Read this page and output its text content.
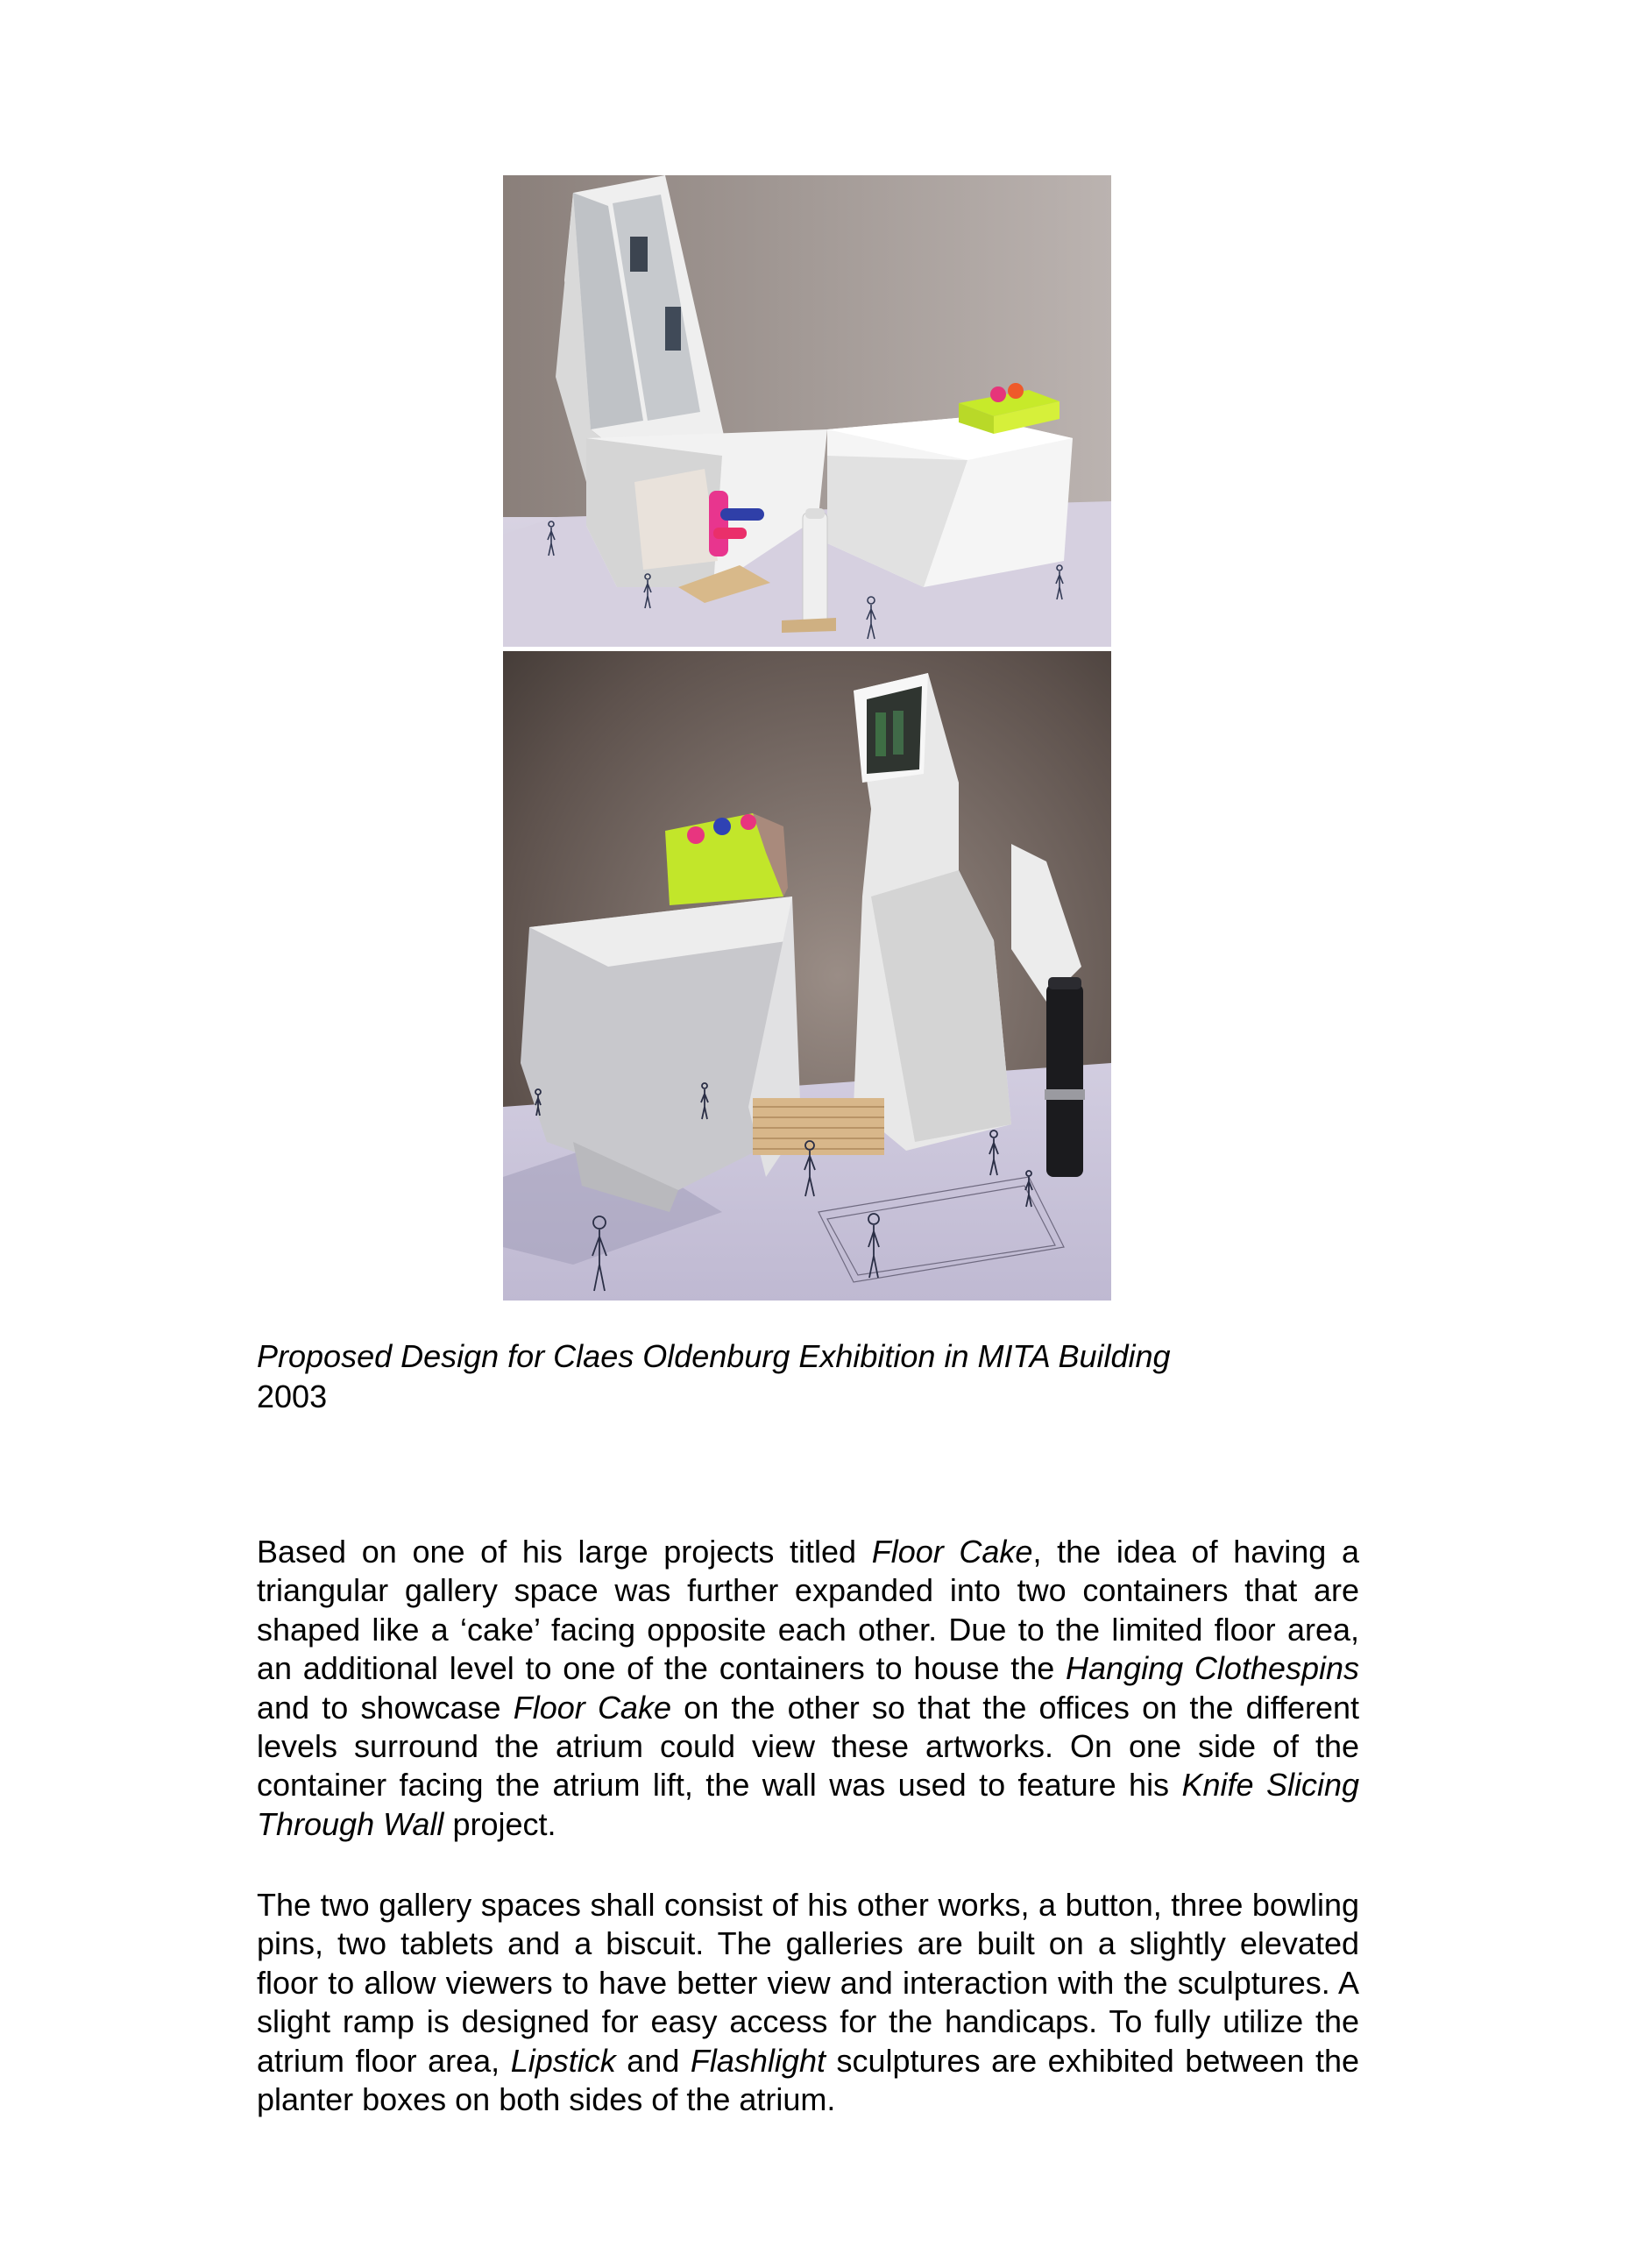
Proposed Design for Claes Oldenburg Exhibition in MITA Building
2003

Based on one of his large projects titled Floor Cake, the idea of having a triangular gallery space was further expanded into two containers that are shaped like a ‘cake’ facing opposite each other. Due to the limited floor area, an additional level to one of the containers to house the Hanging Clothespins and to showcase Floor Cake on the other so that the offices on the different levels surround the atrium could view these artworks. On one side of the container facing the atrium lift, the wall was used to feature his Knife Slicing Through Wall project.

The two gallery spaces shall consist of his other works, a button, three bowling pins, two tablets and a biscuit. The galleries are built on a slightly elevated floor to allow viewers to have better view and interaction with the sculptures. A slight ramp is designed for easy access for the handicaps. To fully utilize the atrium floor area, Lipstick and Flashlight sculptures are exhibited between the planter boxes on both sides of the atrium.
